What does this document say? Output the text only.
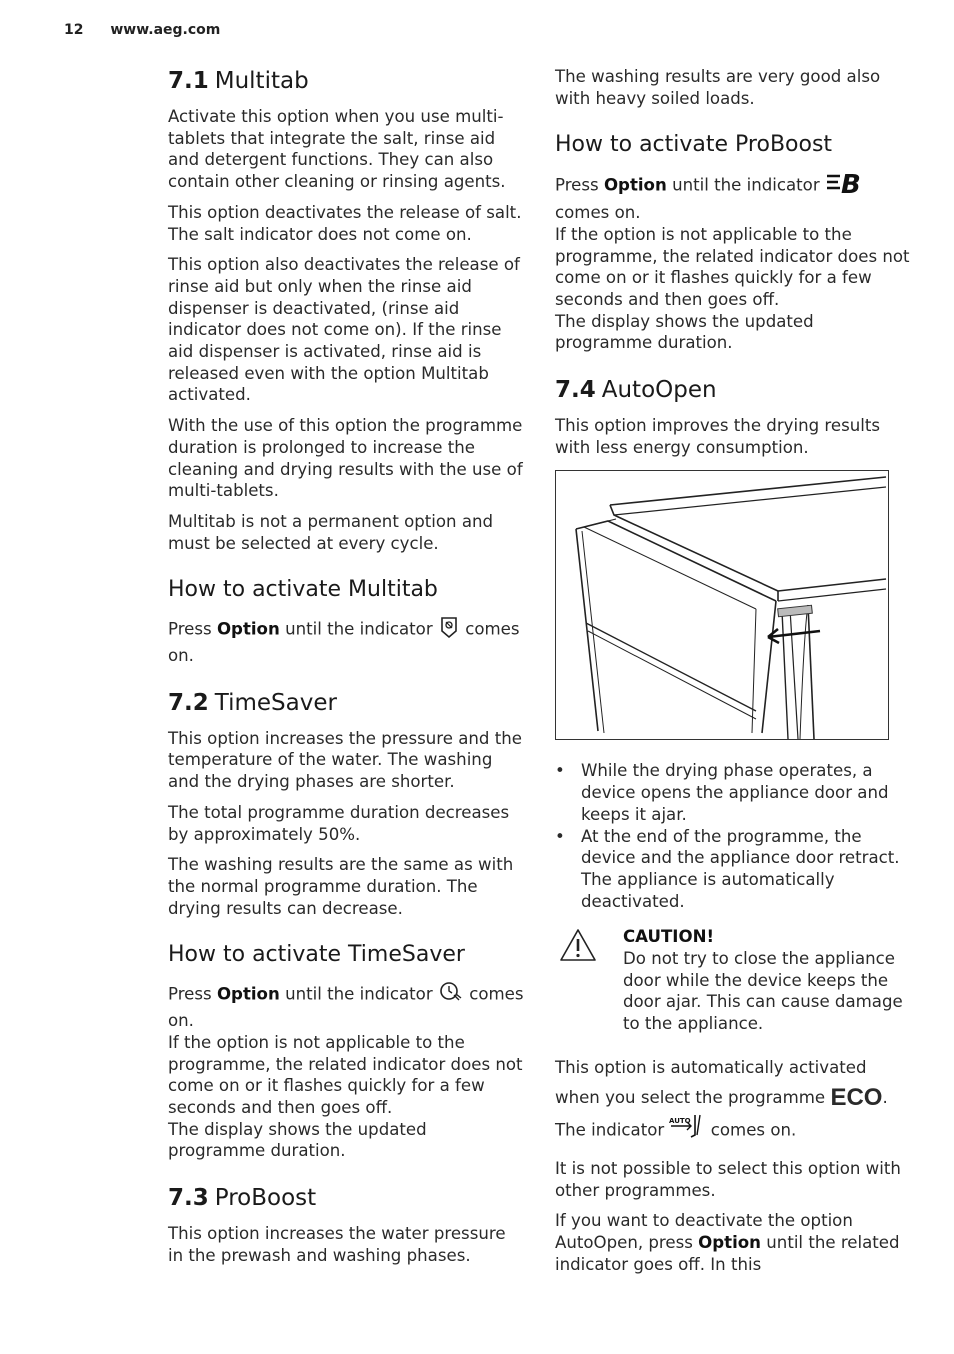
12 www.aeg.com
7.1 Multitab

Activate this option when you use multi-tablets that integrate the salt, rinse aid and detergent functions. They can also contain other cleaning or rinsing agents.

This option deactivates the release of salt. The salt indicator does not come on.

This option also deactivates the release of rinse aid but only when the rinse aid dispenser is deactivated, (rinse aid indicator does not come on). If the rinse aid dispenser is activated, rinse aid is released even with the option Multitab activated.

With the use of this option the programme duration is prolonged to increase the cleaning and drying results with the use of multi-tablets.

Multitab is not a permanent option and must be selected at every cycle.

How to activate Multitab

Press Option until the indicator comes on.

7.2 TimeSaver

This option increases the pressure and the temperature of the water. The washing and the drying phases are shorter.

The total programme duration decreases by approximately 50%.

The washing results are the same as with the normal programme duration. The drying results can decrease.

How to activate TimeSaver

Press Option until the indicator comes on.

If the option is not applicable to the programme, the related indicator does not come on or it flashes quickly for a few seconds and then goes off.

The display shows the updated programme duration.

7.3 ProBoost

This option increases the water pressure in the prewash and washing phases.

The washing results are very good also with heavy soiled loads.

How to activate ProBoost

Press Option until the indicator B
comes on.

If the option is not applicable to the programme, the related indicator does not come on or it flashes quickly for a few seconds and then goes off.

The display shows the updated programme duration.

7.4 AutoOpen

This option improves the drying results with less energy consumption.

• While the drying phase operates, a device opens the appliance door and keeps it ajar.
• At the end of the programme, the device and the appliance door retract. The appliance is automatically deactivated.
CAUTION!
Do not try to close the appliance door while the device keeps the door ajar. This can cause damage to the appliance.

This option is automatically activated when you select the programme ECO.
The indicator AUTO comes on.

It is not possible to select this option with other programmes.

If you want to deactivate the option AutoOpen, press Option until the related indicator goes off. In this
